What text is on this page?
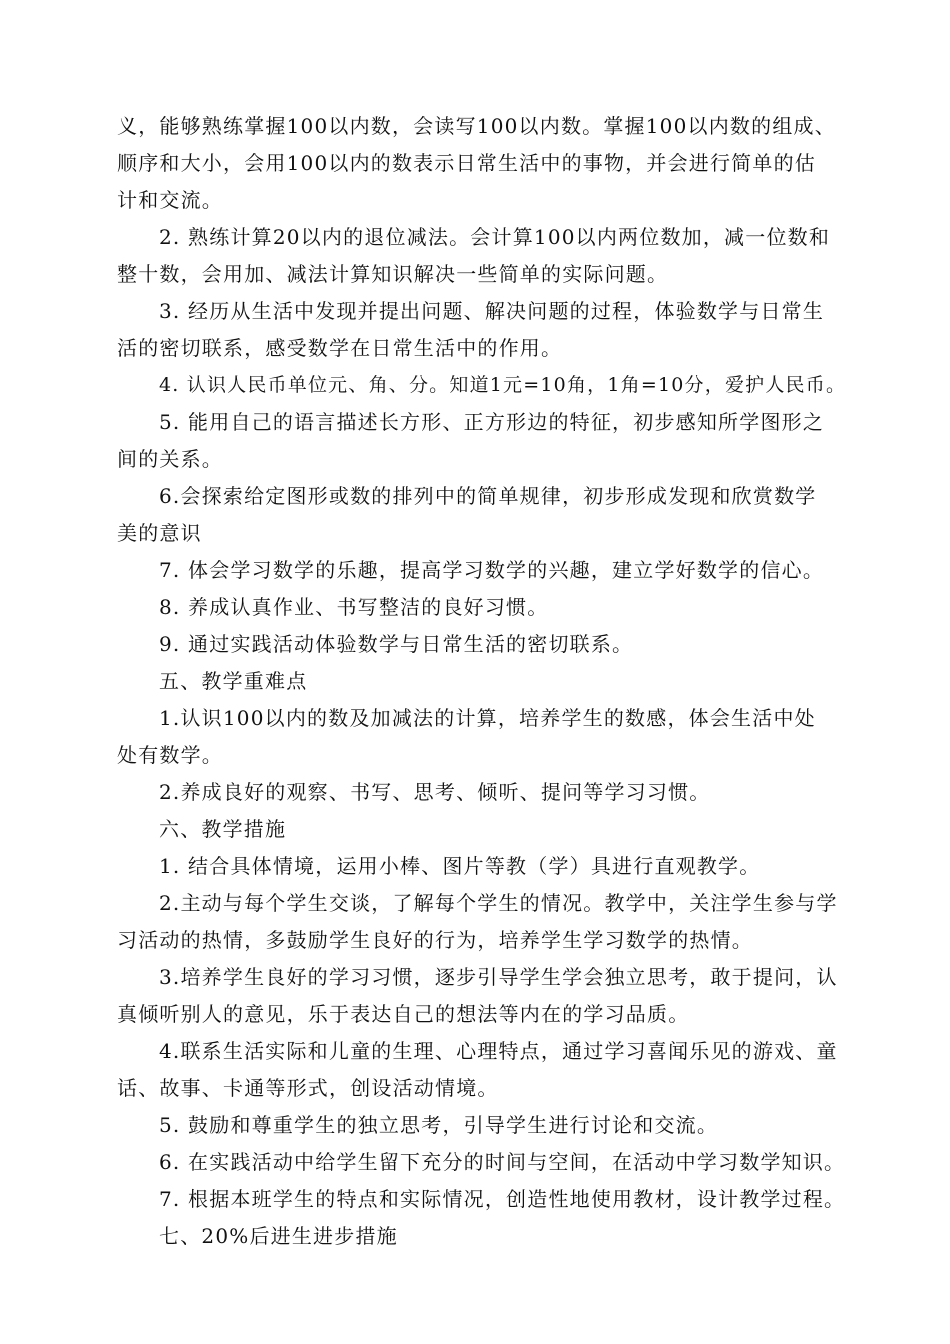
义，能够熟练掌握100以内数，会读写100以内数。掌握100以内数的组成、
顺序和大小，会用100以内的数表示日常生活中的事物，并会进行简单的估
计和交流。
2. 熟练计算20以内的退位减法。会计算100以内两位数加，减一位数和
整十数，会用加、减法计算知识解决一些简单的实际问题。
3. 经历从生活中发现并提出问题、解决问题的过程，体验数学与日常生
活的密切联系，感受数学在日常生活中的作用。
4. 认识人民币单位元、角、分。知道1元=10角，1角=10分，爱护人民币。
5. 能用自己的语言描述长方形、正方形边的特征，初步感知所学图形之
间的关系。
6.会探索给定图形或数的排列中的简单规律，初步形成发现和欣赏数学
美的意识
7. 体会学习数学的乐趣，提高学习数学的兴趣，建立学好数学的信心。
8. 养成认真作业、书写整洁的良好习惯。
9. 通过实践活动体验数学与日常生活的密切联系。
五、教学重难点
1.认识100以内的数及加减法的计算，培养学生的数感，体会生活中处
处有数学。
2.养成良好的观察、书写、思考、倾听、提问等学习习惯。
六、教学措施
1. 结合具体情境，运用小棒、图片等教（学）具进行直观教学。
2.主动与每个学生交谈，了解每个学生的情况。教学中，关注学生参与学
习活动的热情，多鼓励学生良好的行为，培养学生学习数学的热情。
3.培养学生良好的学习习惯，逐步引导学生学会独立思考，敢于提问，认
真倾听别人的意见，乐于表达自己的想法等内在的学习品质。
4.联系生活实际和儿童的生理、心理特点，通过学习喜闻乐见的游戏、童
话、故事、卡通等形式，创设活动情境。
5. 鼓励和尊重学生的独立思考，引导学生进行讨论和交流。
6. 在实践活动中给学生留下充分的时间与空间，在活动中学习数学知识。
7. 根据本班学生的特点和实际情况，创造性地使用教材，设计教学过程。
七、20%后进生进步措施
